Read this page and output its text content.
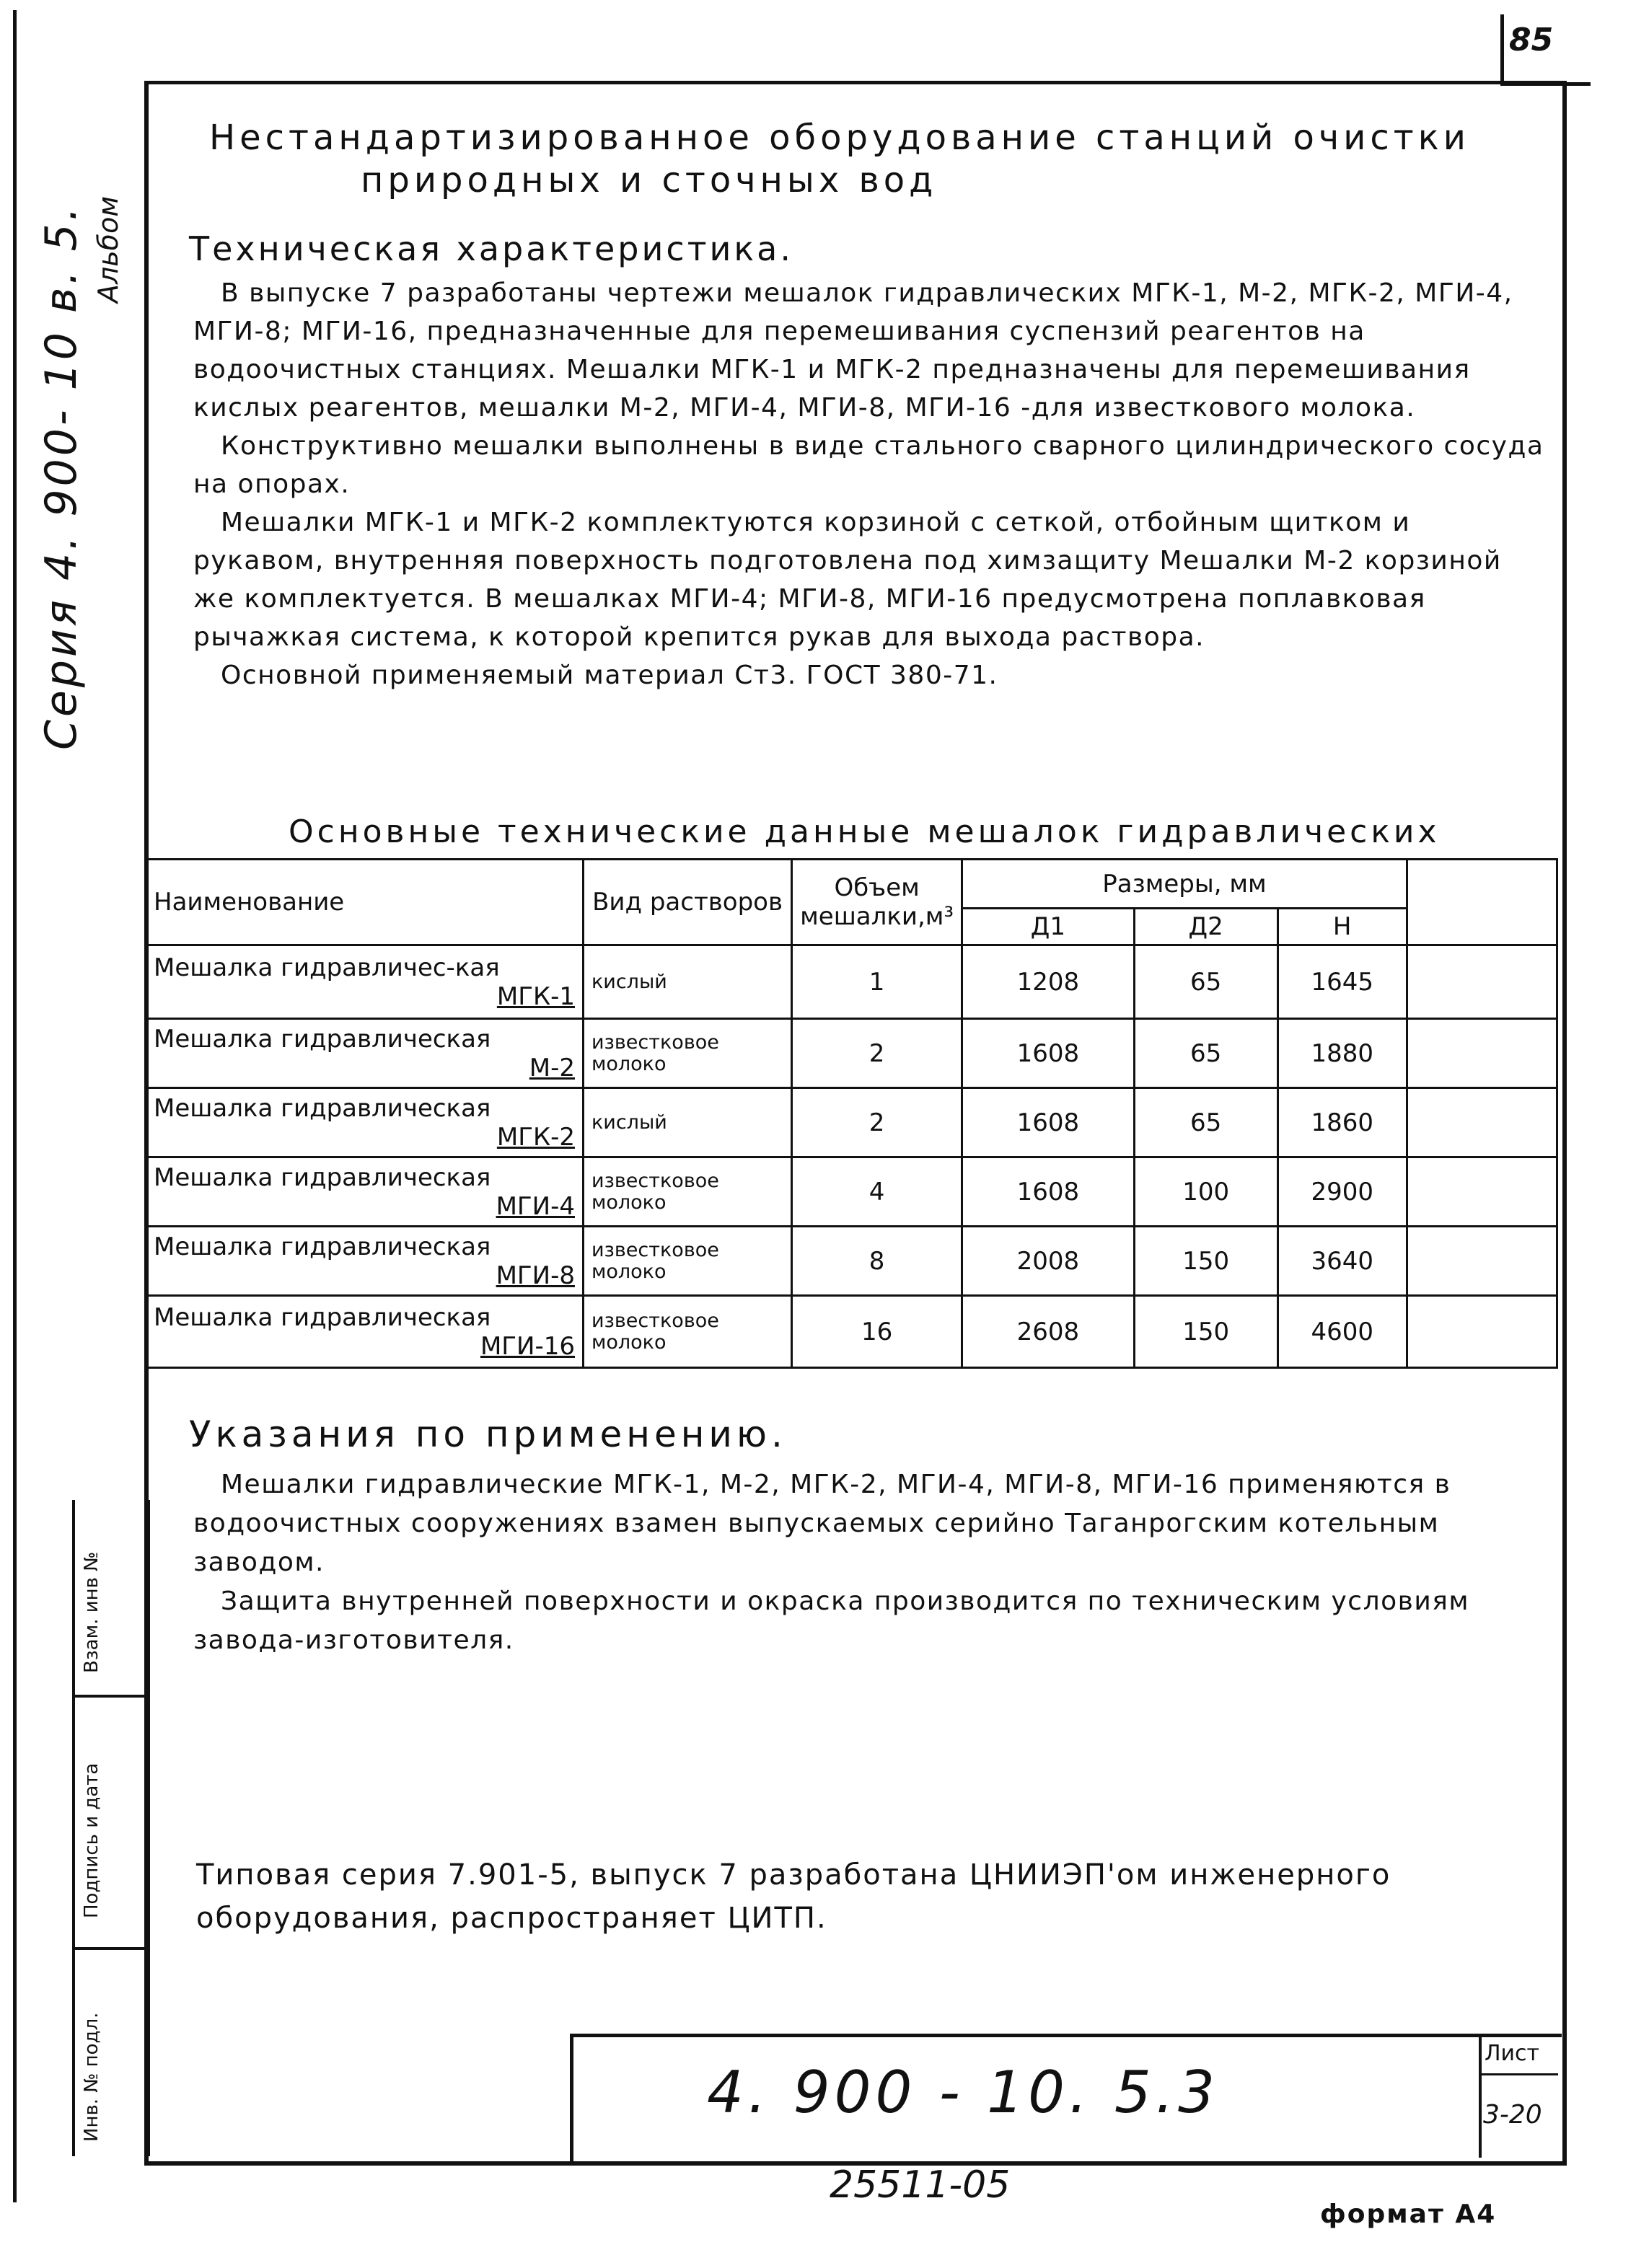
85
Серия 4. 900- 10 в. 5. Альбом
Нестандартизированное оборудование станций очистки
природных и сточных вод
Техническая характеристика.

В выпуске 7 разработаны чертежи мешалок гидравлических МГК-1, М-2, МГК-2, МГИ-4, МГИ-8; МГИ-16, предназначенные для перемешивания суспензий реагентов на водоочистных станциях. Мешалки МГК-1 и МГК-2 предназначены для перемешивания кислых реагентов, мешалки М-2, МГИ-4, МГИ-8, МГИ-16 -для известкового молока.

Конструктивно мешалки выполнены в виде стального сварного цилиндрического сосуда на опорах.

Мешалки МГК-1 и МГК-2 комплектуются корзиной с сеткой, отбойным щитком и рукавом, внутренняя поверхность подготовлена под химзащиту Мешалки М-2 корзиной же комплектуется. В мешалках МГИ-4; МГИ-8, МГИ-16 предусмотрена поплавковая рычажкая система, к которой крепится рукав для выхода раствора.

Основной применяемый материал Ст3. ГОСТ 380-71.

Основные технические данные мешалок гидравлических
Наименование	Вид растворов	Объем мешалки,м³	Размеры, мм			
			Д1	Д2	Н	

Мешалка гидравличес-кая
МГК-1	кислый	1	1208	65	1645	

Мешалка гидравлическая
М-2	известковое молоко	2	1608	65	1880	

Мешалка гидравлическая
МГК-2	кислый	2	1608	65	1860	

Мешалка гидравлическая
МГИ-4	известковое молоко	4	1608	100	2900	

Мешалка гидравлическая
МГИ-8	известковое молоко	8	2008	150	3640	

Мешалка гидравлическая
МГИ-16	известковое молоко	16	2608	150	4600	
Указания по применению.

Мешалки гидравлические МГК-1, М-2, МГК-2, МГИ-4, МГИ-8, МГИ-16 применяются в водоочистных сооружениях взамен выпускаемых серийно Таганрогским котельным заводом.

Защита внутренней поверхности и окраска производится по техническим условиям завода-изготовителя.

Типовая серия 7.901-5, выпуск 7 разработана ЦНИИЭП'ом инженерного оборудования, распространяет ЦИТП.
Взам. инв №
Подпись и дата
Инв. № подл.	4. 900 - 10. 5.3
Лист
3-20
25511-05
формат А4
